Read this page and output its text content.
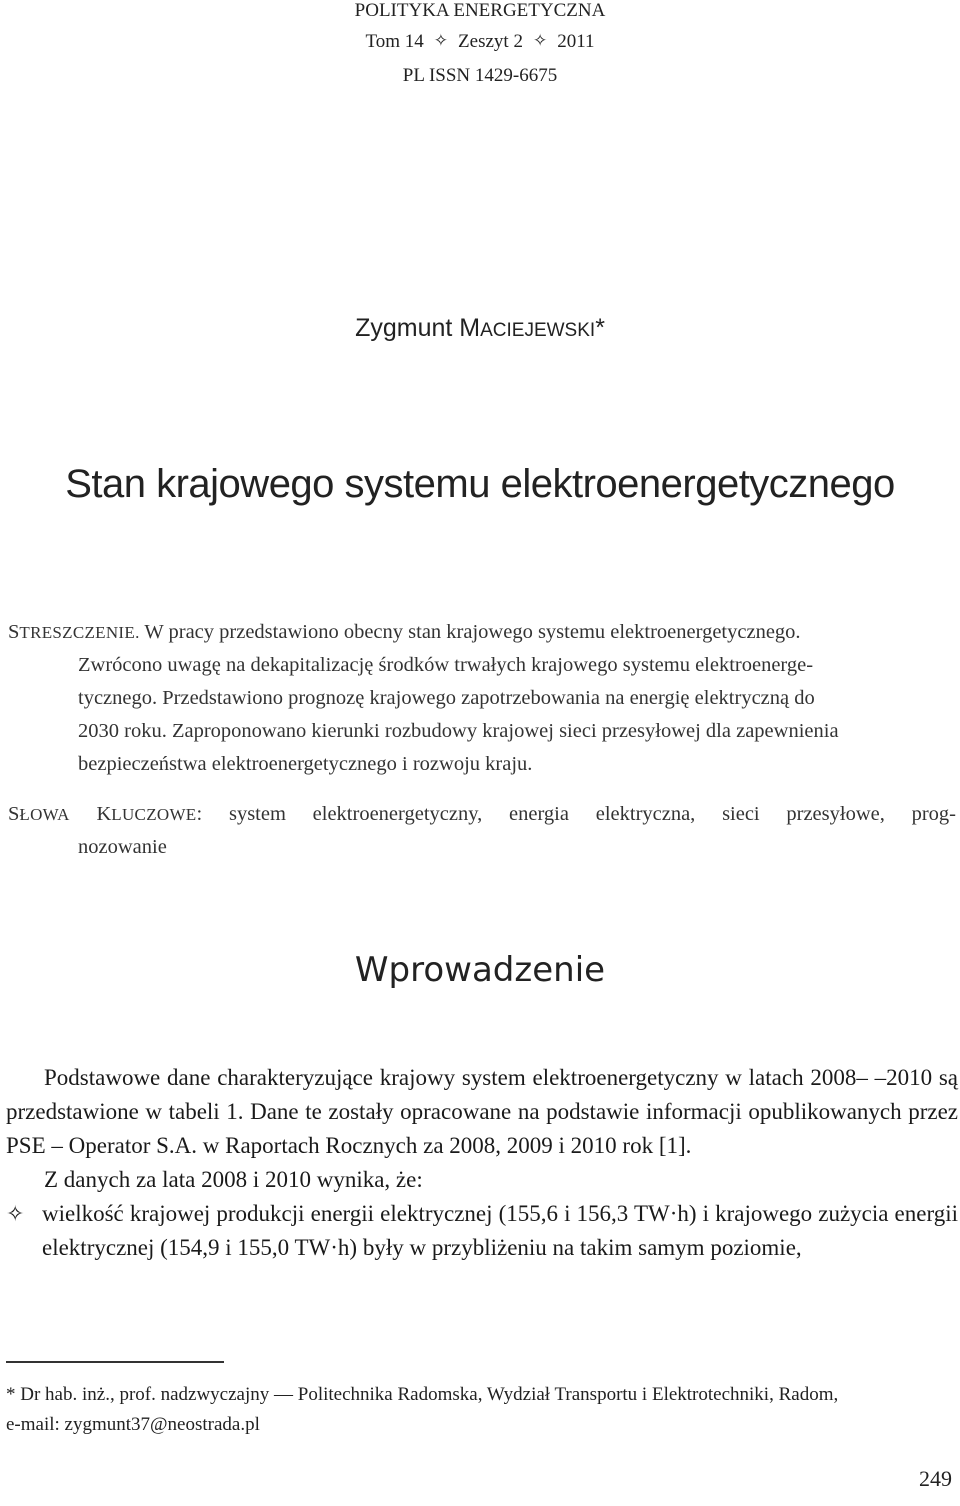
POLITYKA ENERGETYCZNA
Tom 14 ✧ Zeszyt 2 ✧ 2011
PL ISSN 1429-6675
Zygmunt MACIEJEWSKI*
Stan krajowego systemu elektroenergetycznego
STRESZCZENIE. W pracy przedstawiono obecny stan krajowego systemu elektroenergetycznego.
Zwrócono uwagę na dekapitalizację środków trwałych krajowego systemu elektroenerge-
tycznego. Przedstawiono prognozę krajowego zapotrzebowania na energię elektryczną do
2030 roku. Zaproponowano kierunki rozbudowy krajowej sieci przesyłowej dla zapewnienia
bezpieczeństwa elektroenergetycznego i rozwoju kraju.
SŁOWA KLUCZOWE: system elektroenergetyczny, energia elektryczna, sieci przesyłowe, prog-
nozowanie
Wprowadzenie

Podstawowe dane charakteryzujące krajowy system elektroenergetyczny w latach 2008– –2010 są przedstawione w tabeli 1. Dane te zostały opracowane na podstawie informacji opublikowanych przez PSE – Operator S.A. w Raportach Rocznych za 2008, 2009 i 2010 rok [1].

Z danych za lata 2008 i 2010 wynika, że:

✧ wielkość krajowej produkcji energii elektrycznej (155,6 i 156,3 TW·h) i krajowego zużycia energii elektrycznej (154,9 i 155,0 TW·h) były w przybliżeniu na takim samym poziomie,
* Dr hab. inż., prof. nadzwyczajny — Politechnika Radomska, Wydział Transportu i Elektrotechniki, Radom,
e-mail: zygmunt37@neostrada.pl
249
